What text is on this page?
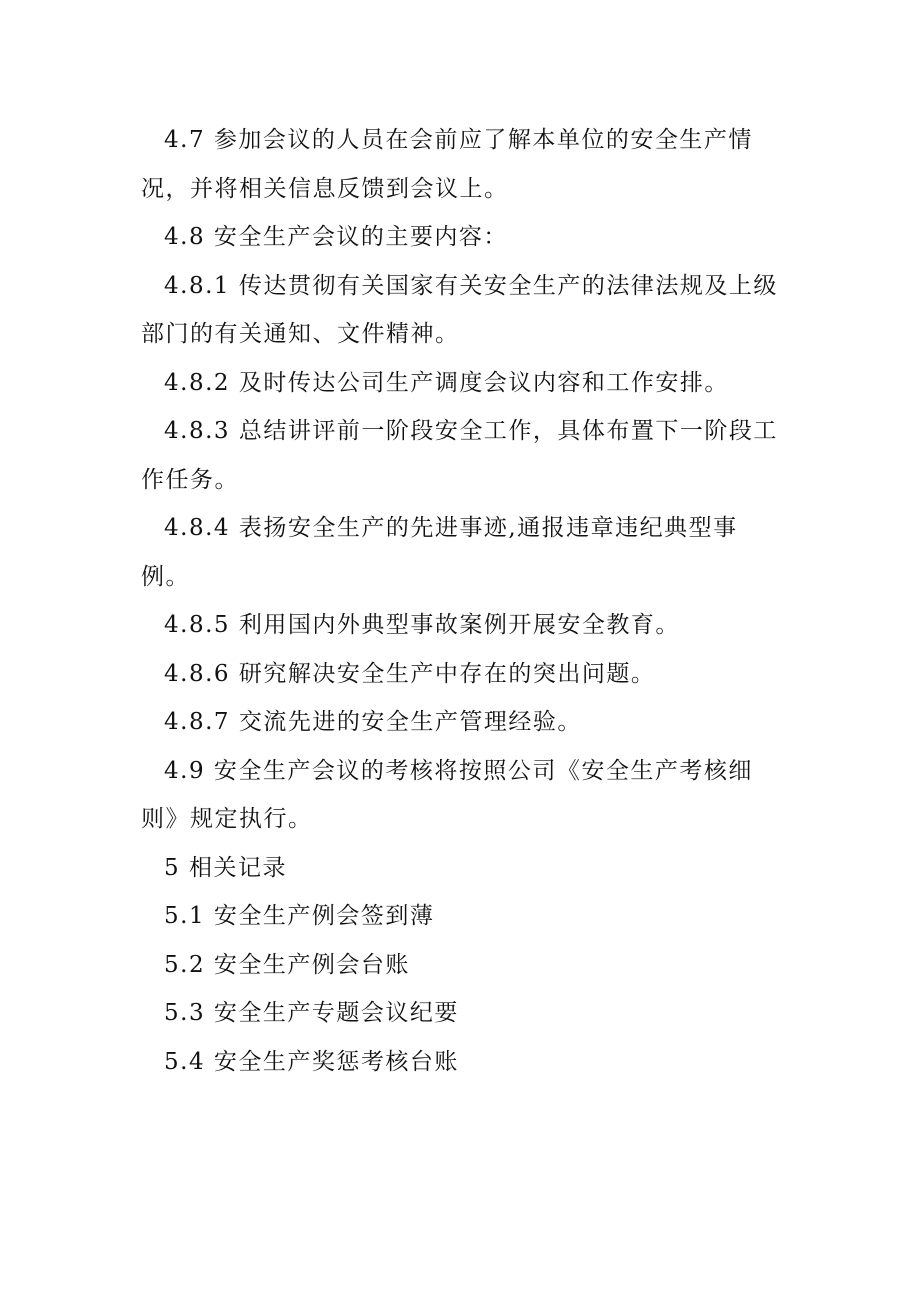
4.7 参加会议的人员在会前应了解本单位的安全生产情况，并将相关信息反馈到会议上。

4.8 安全生产会议的主要内容：

4.8.1 传达贯彻有关国家有关安全生产的法律法规及上级部门的有关通知、文件精神。

4.8.2 及时传达公司生产调度会议内容和工作安排。

4.8.3 总结讲评前一阶段安全工作，具体布置下一阶段工作任务。

4.8.4 表扬安全生产的先进事迹,通报违章违纪典型事例。

4.8.5 利用国内外典型事故案例开展安全教育。

4.8.6 研究解决安全生产中存在的突出问题。

4.8.7 交流先进的安全生产管理经验。

4.9 安全生产会议的考核将按照公司《安全生产考核细则》规定执行。

5 相关记录

5.1 安全生产例会签到薄

5.2 安全生产例会台账

5.3 安全生产专题会议纪要

5.4 安全生产奖惩考核台账
